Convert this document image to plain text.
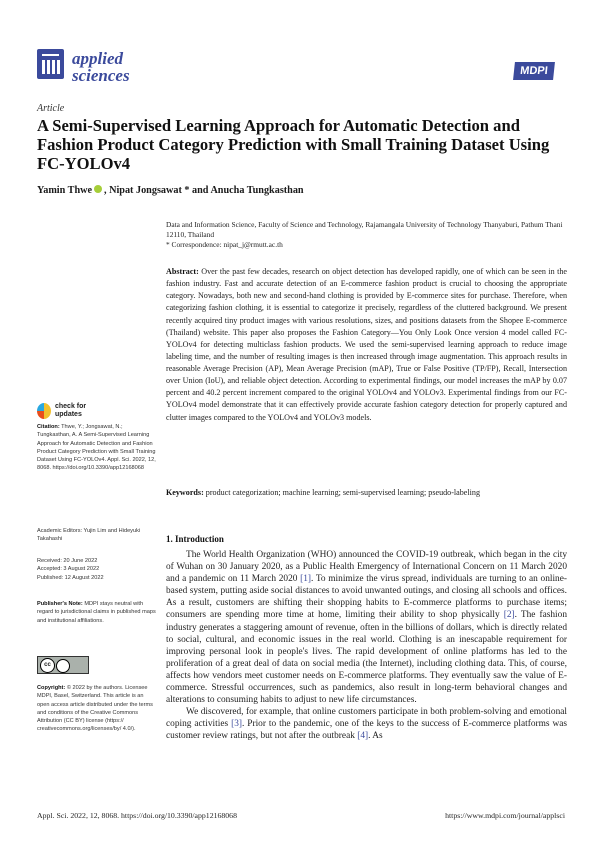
applied
sciences	MDPI
Article
A Semi-Supervised Learning Approach for Automatic Detection and Fashion Product Category Prediction with Small Training Dataset Using FC-YOLOv4
Yamin Thwe , Nipat Jongsawat * and Anucha Tungkasthan
Data and Information Science, Faculty of Science and Technology, Rajamangala University of Technology Thanyaburi, Pathum Thani 12110, Thailand
* Correspondence: nipat_j@rmutt.ac.th
Abstract: Over the past few decades, research on object detection has developed rapidly, one of which can be seen in the fashion industry. Fast and accurate detection of an E-commerce fashion product is crucial to choosing the appropriate category. Nowadays, both new and second-hand clothing is provided by E-commerce sites for purchase. Therefore, when categorizing fashion clothing, it is essential to categorize it precisely, regardless of the cluttered background. We present recently acquired tiny product images with various resolutions, sizes, and positions datasets from the Shopee E-commerce (Thailand) website. This paper also proposes the Fashion Category—You Only Look Once version 4 model called FC-YOLOv4 for detecting multiclass fashion products. We used the semi-supervised learning approach to reduce image labeling time, and the number of resulting images is then increased through image augmentation. This approach results in reasonable Average Precision (AP), Mean Average Precision (mAP), True or False Positive (TP/FP), Recall, Intersection over Union (IoU), and reliable object detection. According to experimental findings, our model increases the mAP by 0.07 percent and 40.2 percent increment compared to the original YOLOv4 and YOLOv3. Experimental findings from our FC-YOLOv4 model demonstrate that it can effectively provide accurate fashion category detection for properly captured and clutter images compared to the YOLOv4 and YOLOv3 models.
Keywords: product categorization; machine learning; semi-supervised learning; pseudo-labeling
1. Introduction

The World Health Organization (WHO) announced the COVID-19 outbreak, which began in the city of Wuhan on 30 January 2020, as a Public Health Emergency of International Concern on 11 March 2020 and a pandemic on 11 March 2020 [1]. To minimize the virus spread, individuals are turning to an online-based system, putting aside social distances to avoid unwanted outings, and closing all schools and offices. As a result, customers are shifting their shopping habits to E-commerce platforms to purchase items; consumers are spending more time at home, limiting their ability to shop physically [2]. The fashion industry generates a staggering amount of revenue, often in the billions of dollars, which is directly related to social, cultural, and economic issues in the real world. Clothing is an inescapable requirement for improving personal look in people's lives. The rapid development of online platforms has led to the proliferation of a great deal of data on social media (the Internet), including clothing data. This, of course, affects how vendors meet customer needs on E-commerce platforms. They eventually saw the value of E-commerce. Stressful occurrences, such as pandemics, also result in long-term behavioral changes and alterations to consuming habits to adjust to new life circumstances.

We discovered, for example, that online customers participate in both problem-solving and emotional coping activities [3]. Prior to the pandemic, one of the keys to the success of E-commerce platforms was customer review ratings, but not after the outbreak [4]. As

check for updates
Citation: Thwe, Y.; Jongsawat, N.; Tungkasthan, A. A Semi-Supervised Learning Approach for Automatic Detection and Fashion Product Category Prediction with Small Training Dataset Using FC-YOLOv4. Appl. Sci. 2022, 12, 8068. https://doi.org/10.3390/app12168068
Academic Editors: Yujin Lim and Hideyuki Takahashi
Received: 20 June 2022
Accepted: 3 August 2022
Published: 12 August 2022
Publisher's Note: MDPI stays neutral with regard to jurisdictional claims in published maps and institutional affiliations.
cc
Copyright: © 2022 by the authors. Licensee MDPI, Basel, Switzerland. This article is an open access article distributed under the terms and conditions of the Creative Commons Attribution (CC BY) license (https:// creativecommons.org/licenses/by/ 4.0/).
Appl. Sci. 2022, 12, 8068. https://doi.org/10.3390/app12168068	https://www.mdpi.com/journal/applsci
